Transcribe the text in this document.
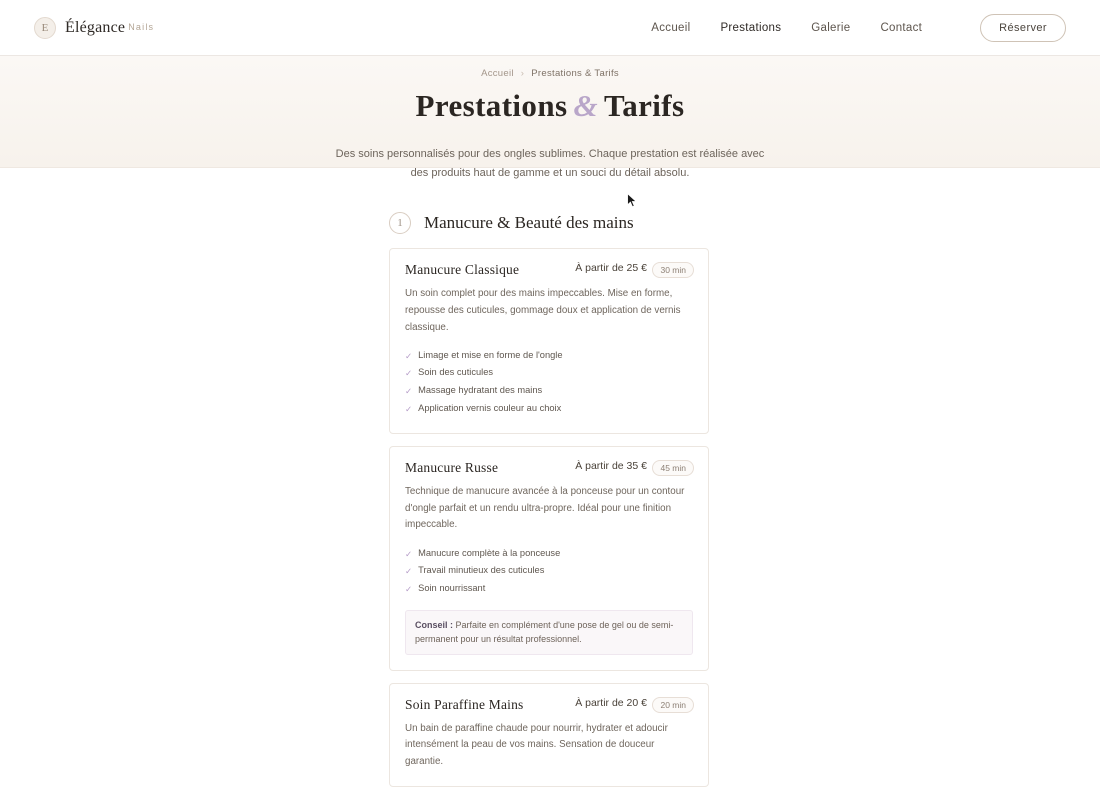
E	Élégance $^{Nails}$	Accueil	Prestations	Galerie	Contact	Réserver
Accueil › Prestations & Tarifs
Prestations & Tarifs

Des soins personnalisés pour des ongles sublimes. Chaque prestation est réalisée avec des produits haut de gamme et un souci du détail absolu.

1	Manucure & Beauté des mains
30 min
Manucure Classique	À partir de 25 €
Un soin complet pour des mains impeccables. Mise en forme, repousse des cuticules, gommage doux et application de vernis classique.
✓ Limage et mise en forme de l'ongle
✓ Soin des cuticules
✓ Massage hydratant des mains
✓ Application vernis couleur au choix
45 min
Manucure Russe	À partir de 35 €
Technique de manucure avancée à la ponceuse pour un contour d'ongle parfait et un rendu ultra-propre. Idéal pour une finition impeccable.
✓ Manucure complète à la ponceuse
✓ Travail minutieux des cuticules
✓ Soin nourrissant
Conseil : Parfaite en complément d'une pose de gel ou de semi-permanent pour un résultat professionnel.
20 min
Soin Paraffine Mains	À partir de 20 €
Un bain de paraffine chaude pour nourrir, hydrater et adoucir intensément la peau de vos mains. Sensation de douceur garantie.
